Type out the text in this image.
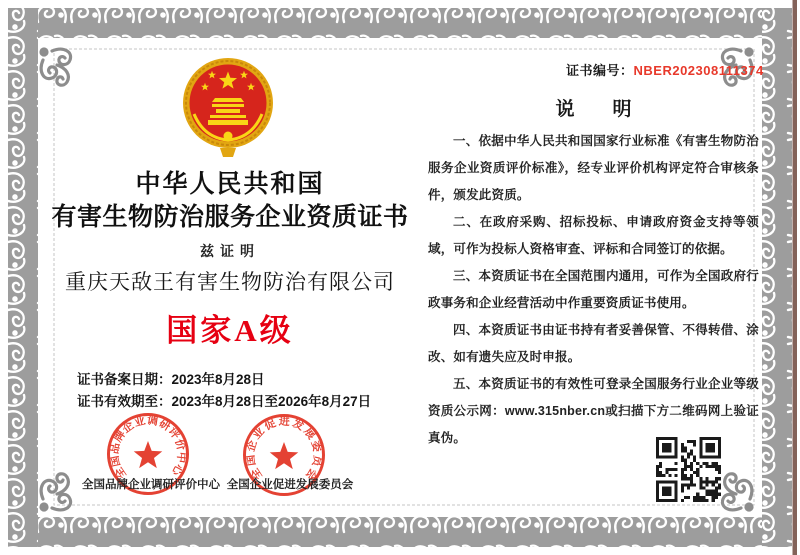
证书编号：NBER202308111374
中华人民共和国
有害生物防治服务企业资质证书
兹证明
重庆天敌王有害生物防治有限公司
国家A级
证书备案日期：2023年8月28日
证书有效期至：2023年8月28日至2026年8月27日
全国品牌企业调研评价中心	全国企业促进发展委员会
全国品牌企业调研评价中心 全国企业促进发展委员会
说　　明

一、依据中华人民共和国国家行业标准《有害生物防治服务企业资质评价标准》，经专业评价机构评定符合审核条件，颁发此资质。

二、在政府采购、招标投标、申请政府资金支持等领域，可作为投标人资格审查、评标和合同签订的依据。

三、本资质证书在全国范围内通用，可作为全国政府行政事务和企业经营活动中作重要资质证书使用。

四、本资质证书由证书持有者妥善保管、不得转借、涂改、如有遗失应及时申报。

五、本资质证书的有效性可登录全国服务行业企业等级资质公示网：www.315nber.cn或扫描下方二维码网上验证真伪。
